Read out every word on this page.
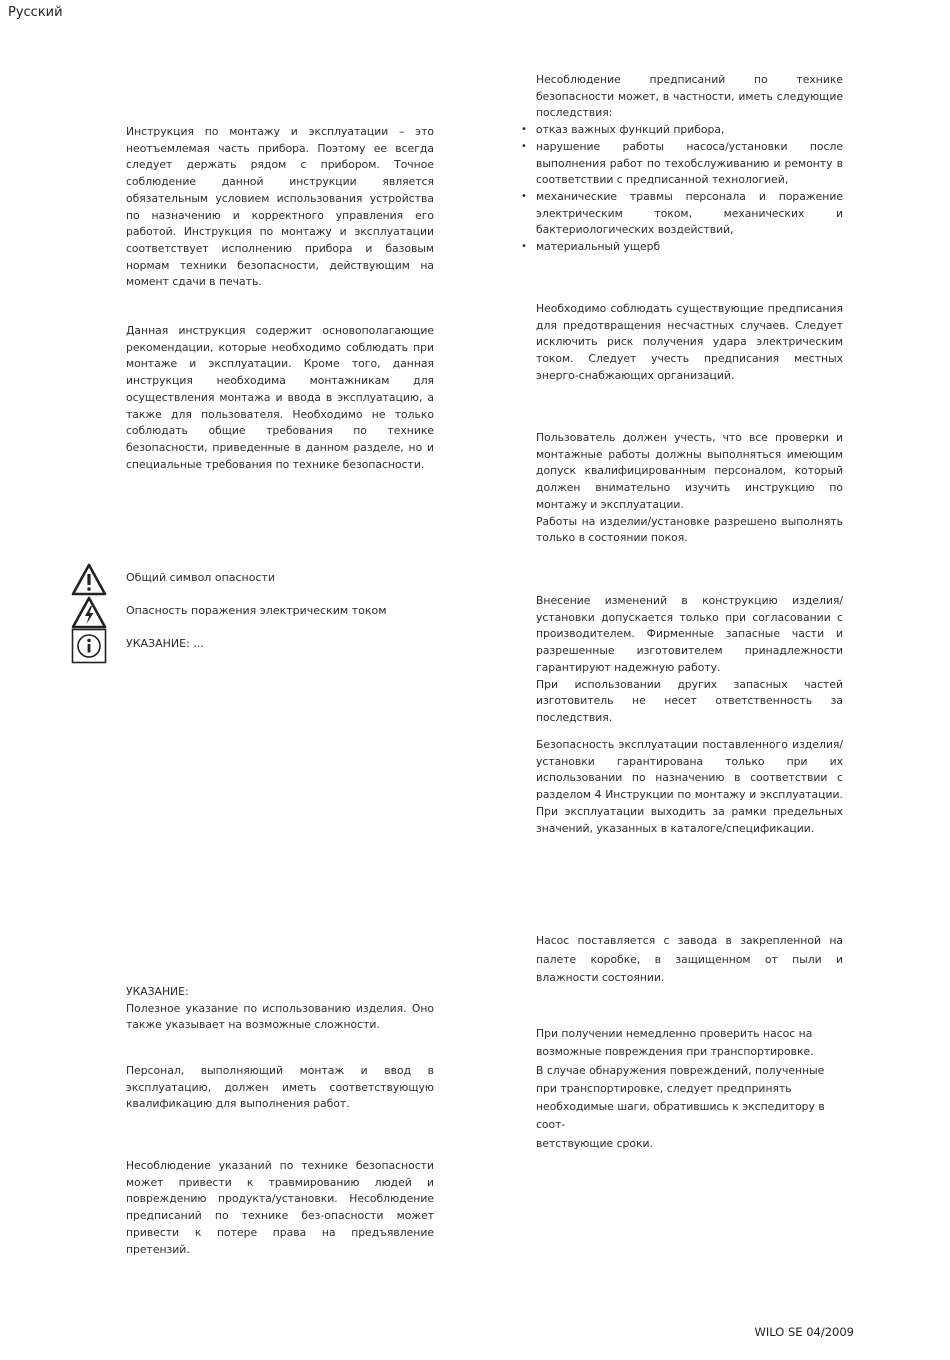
Русский
Инструкция по монтажу и эксплуатации – это неотъемлемая часть прибора. Поэтому ее всегда следует держать рядом с прибором. Точное соблюдение данной инструкции является обязательным условием использования устройства по назначению и корректного управления его работой. Инструкция по монтажу и эксплуатации соответствует исполнению прибора и базовым нормам техники безопасности, действующим на момент сдачи в печать.
Данная инструкция содержит основополагающие рекомендации, которые необходимо соблюдать при монтаже и эксплуатации. Кроме того, данная инструкция необходима монтажникам для осуществления монтажа и ввода в эксплуатацию, а также для пользователя. Необходимо не только соблюдать общие требования по технике безопасности, приведенные в данном разделе, но и специальные требования по технике безопасности.
Общий символ опасности
Опасность поражения электрическим током
УКАЗАНИЕ: ...

УКАЗАНИЕ:

Полезное указание по использованию изделия. Оно также указывает на возможные сложности.

Персонал, выполняющий монтаж и ввод в эксплуатацию, должен иметь соответствующую квалификацию для выполнения работ.
Несоблюдение указаний по технике безопасности может привести к травмированию людей и повреждению продукта/установки. Несоблюдение предписаний по технике без-опасности может привести к потере права на предъявление претензий.

Несоблюдение предписаний по технике безопасности может, в частности, иметь следующие последствия:

• отказ важных функций прибора,
• нарушение работы насоса/установки после выполнения работ по техобслуживанию и ремонту в соответствии с предписанной технологией,
• механические травмы персонала и поражение электрическим током, механических и бактериологических воздействий,
• материальный ущерб
Необходимо соблюдать существующие предписания для предотвращения несчастных случаев. Следует исключить риск получения удара электрическим током. Следует учесть предписания местных энерго-снабжающих организаций.

Пользователь должен учесть, что все проверки и монтажные работы должны выполняться имеющим допуск квалифицированным персоналом, который должен внимательно изучить инструкцию по монтажу и эксплуатации.

Работы на изделии/установке разрешено выполнять только в состоянии покоя.

Внесение изменений в конструкцию изделия/установки допускается только при согласовании с производителем. Фирменные запасные части и разрешенные изготовителем принадлежности гарантируют надежную работу.

При использовании других запасных частей изготовитель не несет ответственность за последствия.

Безопасность эксплуатации поставленного изделия/установки гарантирована только при их использовании по назначению в соответствии с разделом 4 Инструкции по монтажу и эксплуатации. При эксплуатации выходить за рамки предельных значений, указанных в каталоге/спецификации.
Насос поставляется с завода в закрепленной на палете коробке, в защищенном от пыли и влажности состоянии.
При получении немедленно проверить насос на
возможные повреждения при транспортировке.
В случае обнаружения повреждений, полученные
при транспортировке, следует предпринять
необходимые шаги, обратившись к экспедитору в
соот-
ветствующие сроки.
WILO SE 04/2009
